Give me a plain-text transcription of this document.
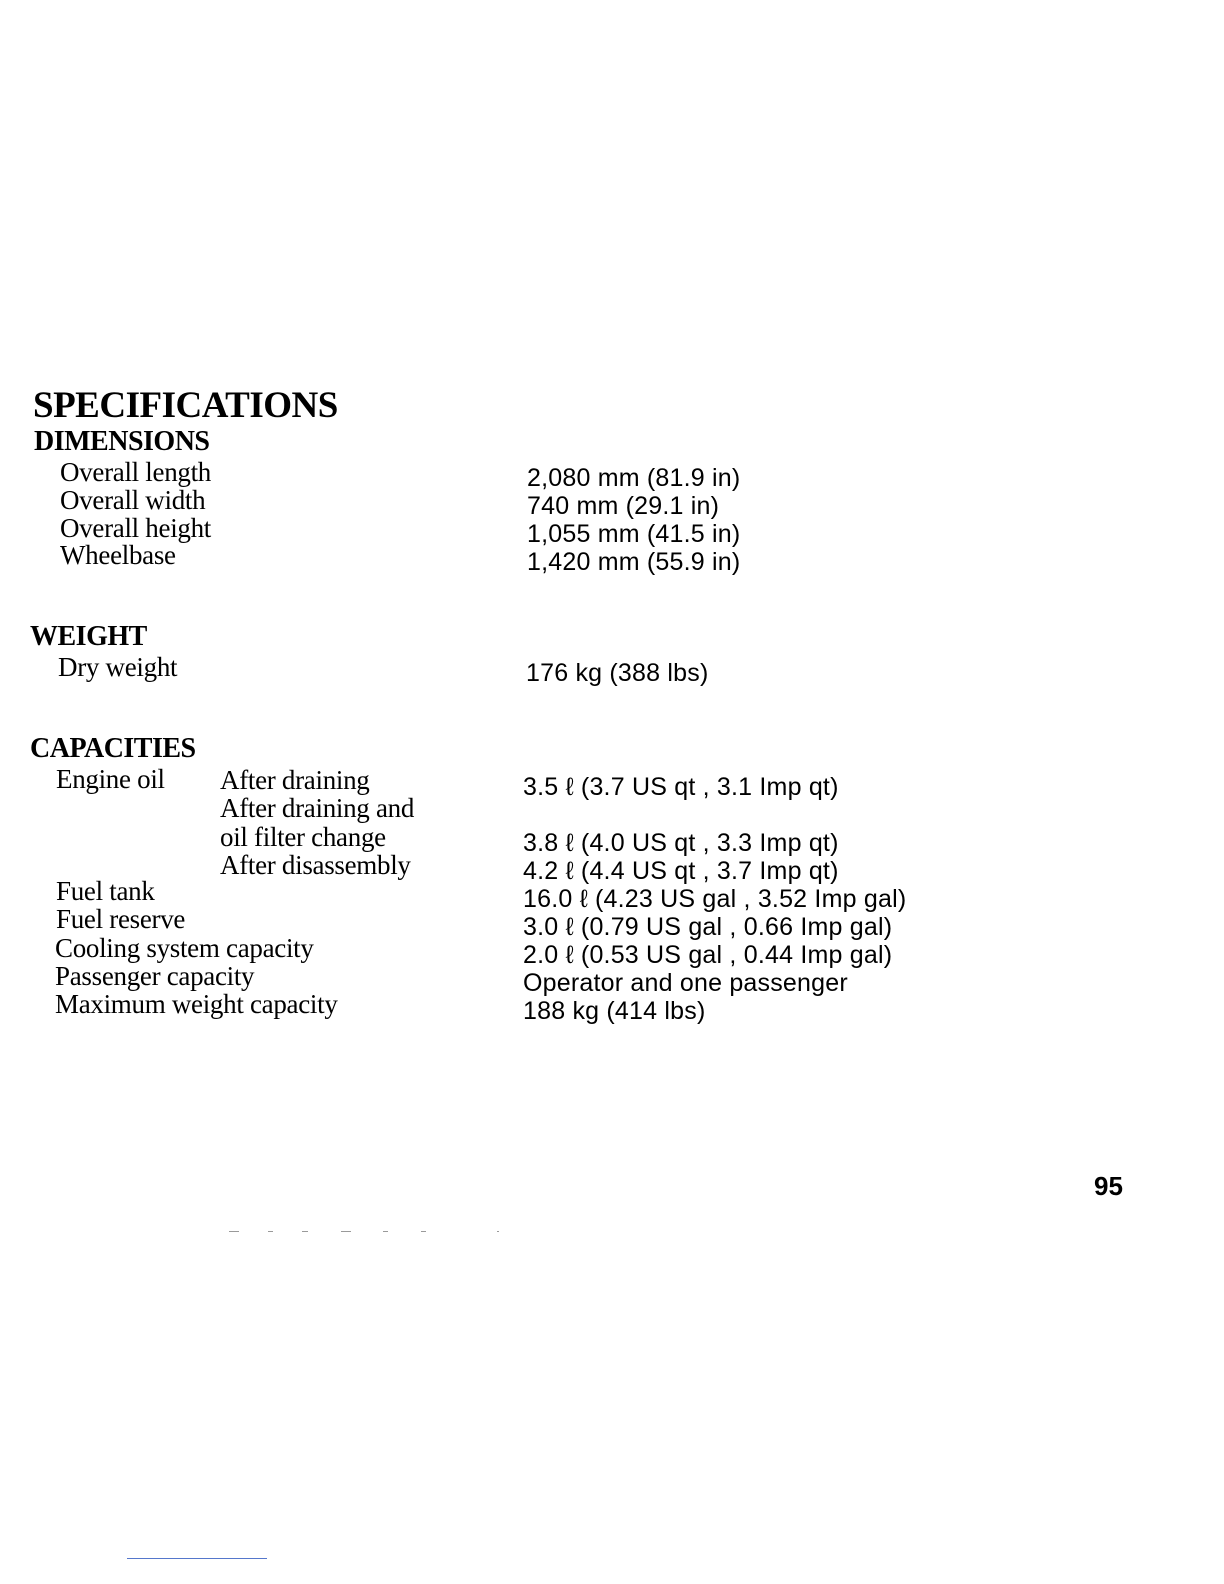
SPECIFICATIONS
DIMENSIONS
Overall length	2,080 mm (81.9 in)
Overall width	740 mm (29.1 in)
Overall height	1,055 mm (41.5 in)
Wheelbase	1,420 mm (55.9 in)
WEIGHT
Dry weight	176 kg (388 lbs)
CAPACITIES
Engine oil After draining	3.5 ℓ (3.7 US qt , 3.1 Imp qt)
After draining and
oil filter change	3.8 ℓ (4.0 US qt , 3.3 Imp qt)
After disassembly	4.2 ℓ (4.4 US qt , 3.7 Imp qt)
Fuel tank	16.0 ℓ (4.23 US gal , 3.52 Imp gal)
Fuel reserve	3.0 ℓ (0.79 US gal , 0.66 Imp gal)
Cooling system capacity	2.0 ℓ (0.53 US gal , 0.44 Imp gal)
Passenger capacity	Operator and one passenger
Maximum weight capacity	188 kg (414 lbs)
95
